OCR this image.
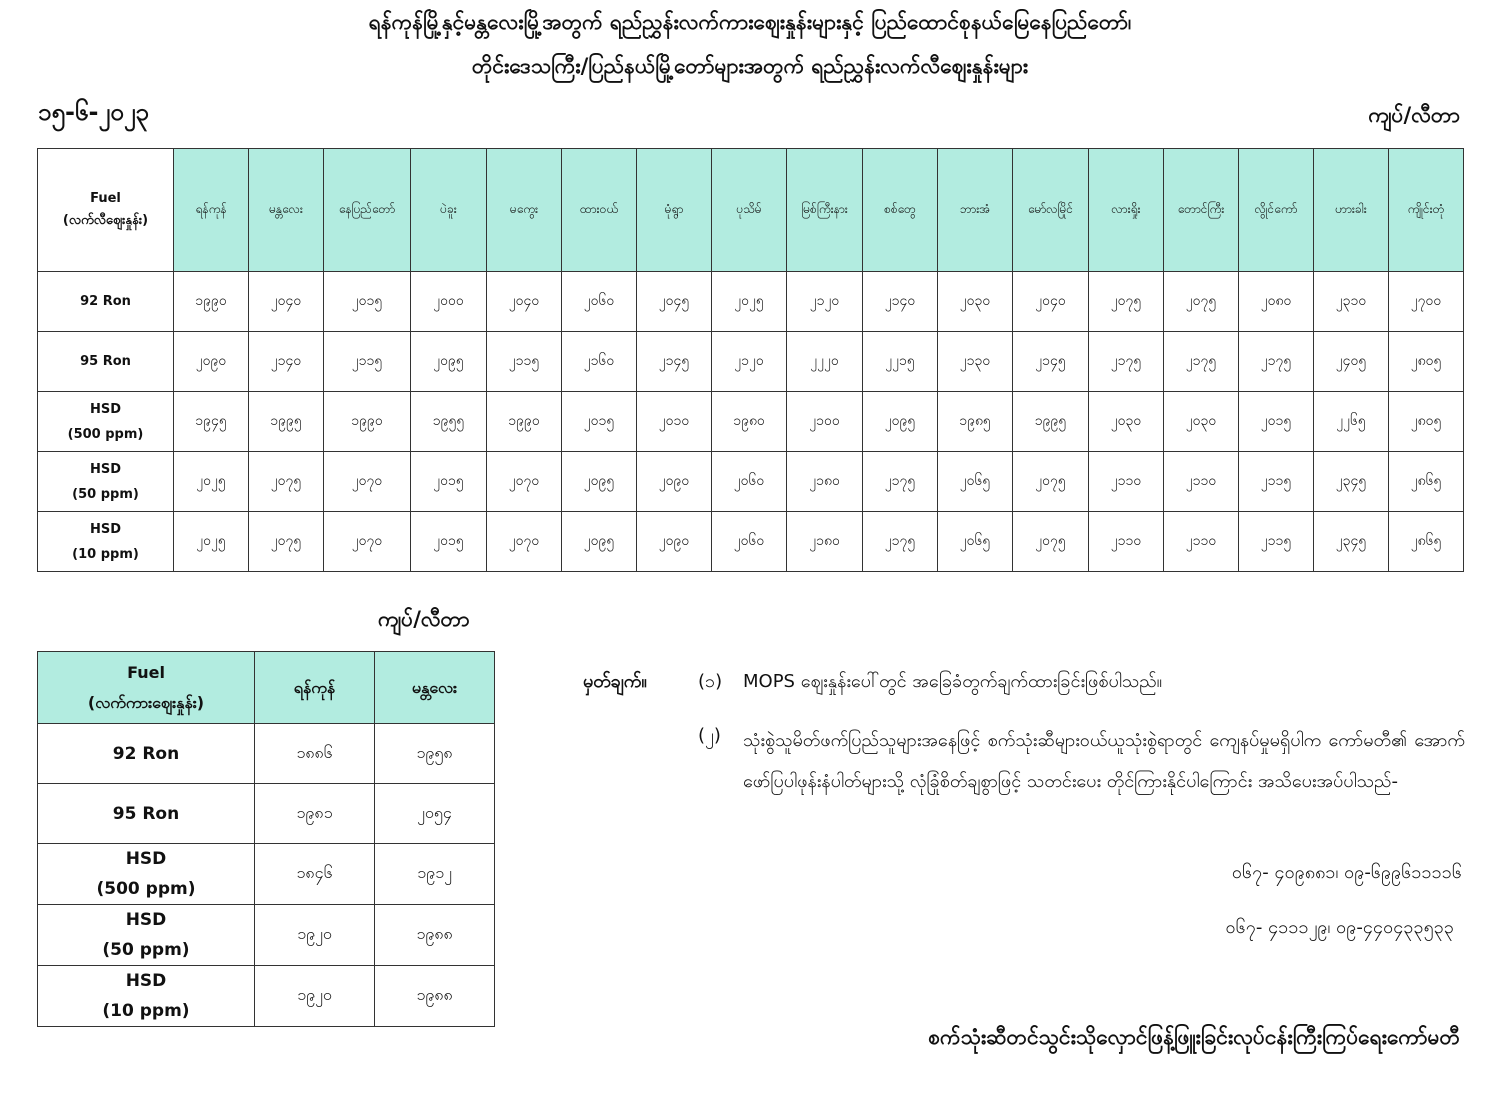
ရန်ကုန်မြို့နှင့်မန္တလေးမြို့အတွက် ရည်ညွှန်းလက်ကားဈေးနှုန်းများနှင့် ပြည်ထောင်စုနယ်မြေနေပြည်တော်၊
တိုင်းဒေသကြီး/ပြည်နယ်မြို့တော်များအတွက် ရည်ညွှန်းလက်လီဈေးနှုန်းများ
၁၅-၆-၂၀၂၃	ကျပ်/လီတာ
Fuel
(လက်လီဈေးနှုန်း)	ရန်ကုန်	မန္တလေး	နေပြည်တော်	ပဲခူး	မကွေး	ထားဝယ်	မုံရွာ	ပုသိမ်	မြစ်ကြီးနား	စစ်တွေ	ဘားအံ	မော်လမြိုင်	လားရှိုး	တောင်ကြီး	လွိုင်ကော်	ဟားခါး	ကျိုင်းတုံ
92 Ron	၁၉၉၀	၂၀၄၀	၂၀၁၅	၂၀၀၀	၂၀၄၀	၂၀၆၀	၂၀၄၅	၂၀၂၅	၂၁၂၀	၂၁၄၀	၂၀၃၀	၂၀၄၀	၂၀၇၅	၂၀၇၅	၂၀၈၀	၂၃၁၀	၂၇၀၀
95 Ron	၂၀၉၀	၂၁၄၀	၂၁၁၅	၂၀၉၅	၂၁၁၅	၂၁၆၀	၂၁၄၅	၂၁၂၀	၂၂၂၀	၂၂၁၅	၂၁၃၀	၂၁၄၅	၂၁၇၅	၂၁၇၅	၂၁၇၅	၂၄၀၅	၂၈၀၅
HSD
(500 ppm)	၁၉၄၅	၁၉၉၅	၁၉၉၀	၁၉၅၅	၁၉၉၀	၂၀၁၅	၂၀၁၀	၁၉၈၀	၂၁၀၀	၂၀၉၅	၁၉၈၅	၁၉၉၅	၂၀၃၀	၂၀၃၀	၂၀၁၅	၂၂၆၅	၂၈၀၅
HSD
(50 ppm)	၂၀၂၅	၂၀၇၅	၂၀၇၀	၂၀၁၅	၂၀၇၀	၂၀၉၅	၂၀၉၀	၂၀၆၀	၂၁၈၀	၂၁၇၅	၂၀၆၅	၂၀၇၅	၂၁၁၀	၂၁၁၀	၂၁၁၅	၂၃၄၅	၂၈၆၅
HSD
(10 ppm)	၂၀၂၅	၂၀၇၅	၂၀၇၀	၂၀၁၅	၂၀၇၀	၂၀၉၅	၂၀၉၀	၂၀၆၀	၂၁၈၀	၂၁၇၅	၂၀၆၅	၂၀၇၅	၂၁၁၀	၂၁၁၀	၂၁၁၅	၂၃၄၅	၂၈၆၅
ကျပ်/လီတာ
Fuel
(လက်ကားဈေးနှုန်း)	ရန်ကုန်	မန္တလေး
92 Ron	၁၈၈၆	၁၉၅၈
95 Ron	၁၉၈၁	၂၀၅၄
HSD
(500 ppm)	၁၈၄၆	၁၉၁၂
HSD
(50 ppm)	၁၉၂၀	၁၉၈၈
HSD
(10 ppm)	၁၉၂၀	၁၉၈၈
မှတ်ချက်။	(၁) MOPS ဈေးနှုန်းပေါ်တွင် အခြေခံတွက်ချက်ထားခြင်းဖြစ်ပါသည်။
(၂) သုံးစွဲသူမိတ်ဖက်ပြည်သူများအနေဖြင့် စက်သုံးဆီများဝယ်ယူသုံးစွဲရာတွင် ကျေနပ်မှုမရှိပါက ကော်မတီ၏ အောက်ဖော်ပြပါဖုန်းနံပါတ်များသို့ လုံခြုံစိတ်ချစွာဖြင့် သတင်းပေး တိုင်ကြားနိုင်ပါကြောင်း အသိပေးအပ်ပါသည်-
၀၆၇- ၄၀၉၈၈၁၊ ၀၉-၆၉၉၆၁၁၁၁၆
၀၆၇- ၄၁၁၁၂၉၊ ၀၉-၄၄၀၄၃၃၅၃၃
စက်သုံးဆီတင်သွင်းသိုလှောင်ဖြန့်ဖြူးခြင်းလုပ်ငန်းကြီးကြပ်ရေးကော်မတီ
